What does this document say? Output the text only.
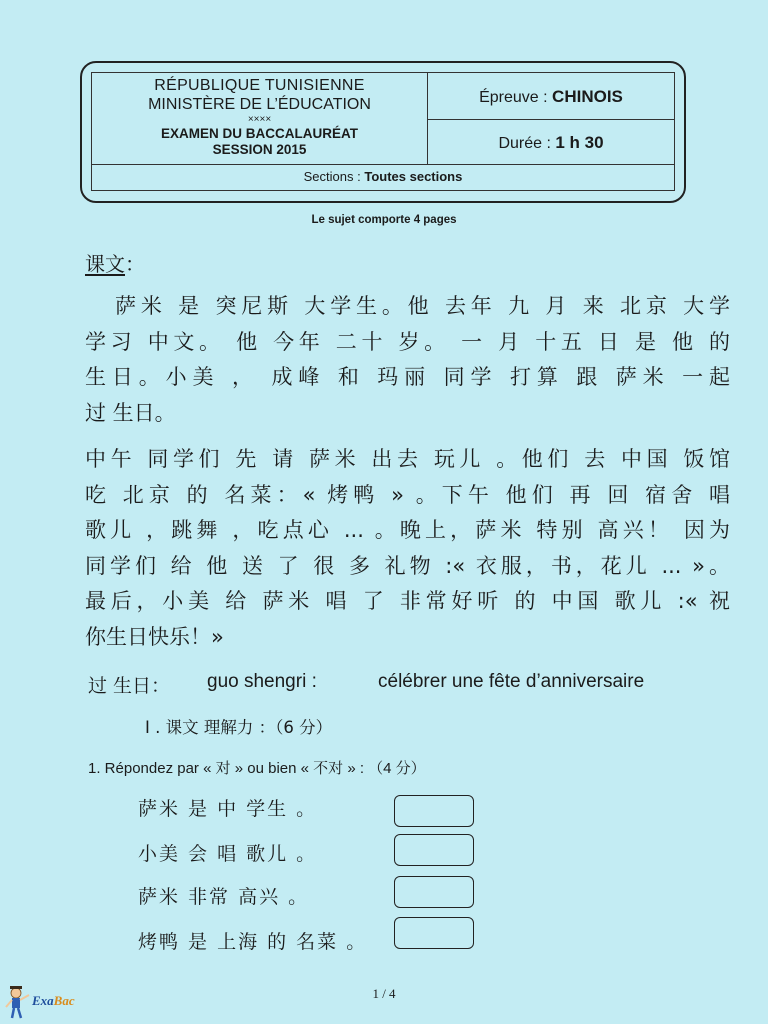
RÉPUBLIQUE TUNISIENNE
MINISTÈRE DE L’ÉDUCATION
××××
EXAMEN DU BACCALAURÉAT
SESSION 2015
Épreuve : CHINOIS
Durée : 1 h 30
Sections : Toutes sections
Le sujet comporte 4 pages
课文：
萨米 是 突尼斯 大学生。他 去年 九 月 来 北京 大学
学习 中文。 他 今年 二十 岁。 一 月 十五 日 是 他 的
生日。小美 ， 成峰 和 玛丽 同学 打算 跟 萨米 一起
过 生日。
中午 同学们 先 请 萨米 出去 玩儿 。他们 去 中国 饭馆
吃 北京 的 名菜：« 烤鸭 » 。下午 他们 再 回 宿舍 唱
歌儿 ，跳舞 ，吃点心 ... 。晚上，萨米 特别 高兴！ 因为
同学们 给 他 送 了 很 多 礼物 :« 衣服，书，花儿 ... »。
最后，小美 给 萨米 唱 了 非常好听 的 中国 歌儿 :« 祝
你生日快乐！»
过 生日： guo shengri :	célébrer une fête d’anniversaire
I . 课文 理解力 ：（6 分）
1. Répondez par « 对 » ou bien « 不对 » : （4 分）
萨米 是 中 学生 。
小美 会 唱 歌儿 。
萨米 非常 高兴 。
烤鸭 是 上海 的 名菜 。
1 / 4
ExaBac
